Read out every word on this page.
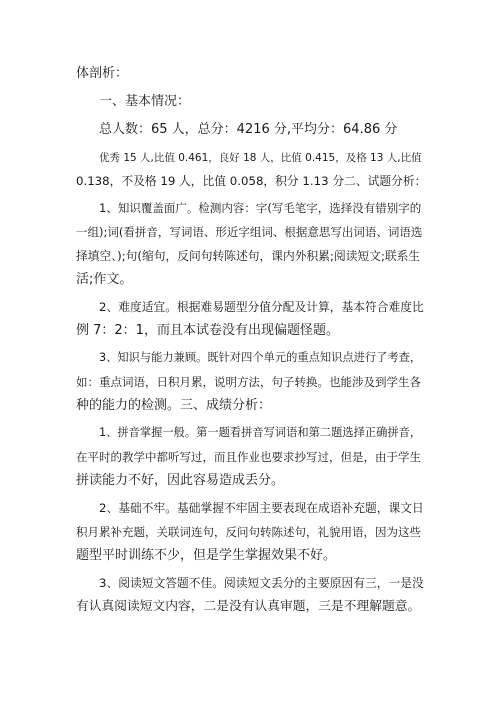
体剖析：
一、基本情况：
总人数：65 人，总分：4216 分,平均分：64.86 分
优秀 15 人,比值 0.461，良好 18 人，比值 0.415，及格 13 人,比值
0.138，不及格 19 人，比值 0.058，积分 1.13 分二、试题分析：
1、知识覆盖面广。检测内容：字(写毛笔字，选择没有错别字的
一组);词(看拼音，写词语、形近字组词、根据意思写出词语、词语选
择填空、);句(缩句，反问句转陈述句，课内外积累;阅读短文;联系生
活;作文。
2、难度适宜。根据难易题型分值分配及计算，基本符合难度比
例 7：2：1，而且本试卷没有出现偏题怪题。
3、知识与能力兼顾。既针对四个单元的重点知识点进行了考查，
如：重点词语，日积月累，说明方法，句子转换。也能涉及到学生各
种的能力的检测。三、成绩分析：
1、拼音掌握一般。第一题看拼音写词语和第二题选择正确拼音，
在平时的教学中都听写过，而且作业也要求抄写过，但是，由于学生
拼读能力不好，因此容易造成丢分。
2、基础不牢。基础掌握不牢固主要表现在成语补充题，课文日
积月累补充题，关联词连句，反问句转陈述句，礼貌用语，因为这些
题型平时训练不少，但是学生掌握效果不好。
3、阅读短文答题不佳。阅读短文丢分的主要原因有三，一是没
有认真阅读短文内容，二是没有认真审题，三是不理解题意。
